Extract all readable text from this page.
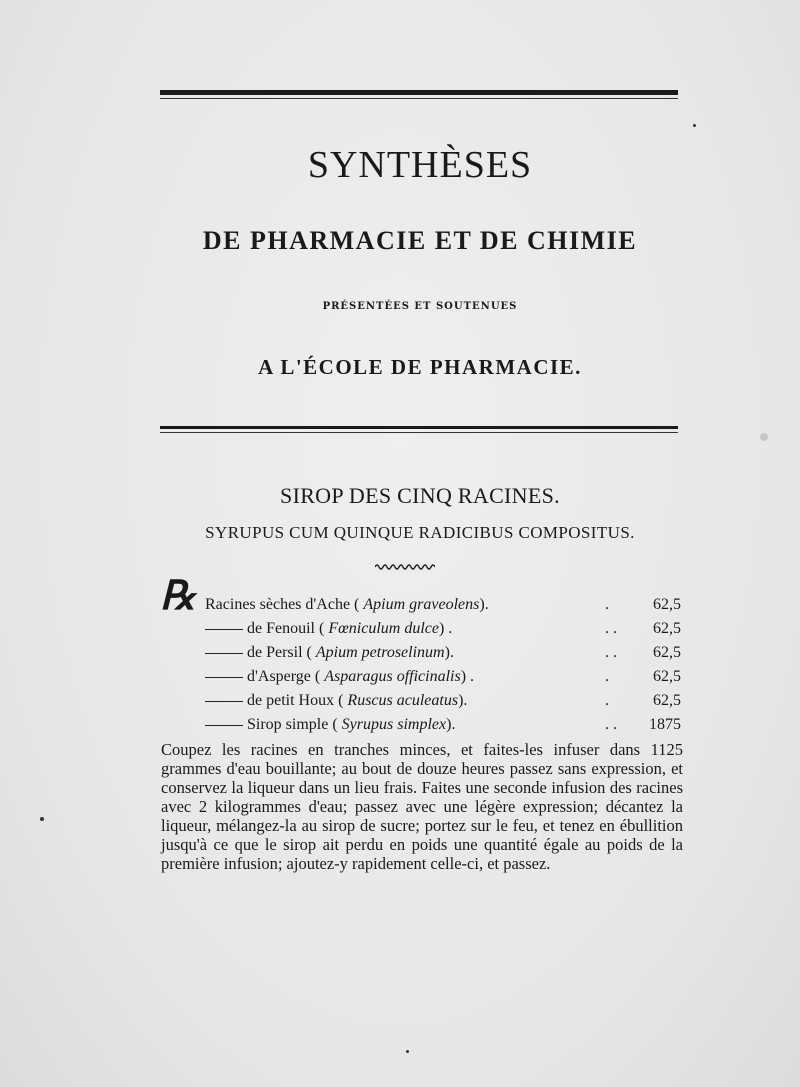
SYNTHÈSES
DE PHARMACIE ET DE CHIMIE
PRÉSENTÉES ET SOUTENUES
A L'ÉCOLE DE PHARMACIE.
SIROP DES CINQ RACINES.
SYRUPUS CUM QUINQUE RADICIBUS COMPOSITUS.
℞ Racines sèches d'Ache ( Apium graveolens).	.	62,5
de Fenouil ( Fœniculum dulce) .	. . 62,5
de Persil ( Apium petroselinum).	. . 62,5
d'Asperge ( Asparagus officinalis) .	.	62,5
de petit Houx ( Ruscus aculeatus).	.	62,5
Sirop simple ( Syrupus simplex).	. . 1875
Coupez les racines en tranches minces, et faites-les infuser dans 1125 grammes d'eau bouillante; au bout de douze heures passez sans expression, et conservez la liqueur dans un lieu frais. Faites une seconde infusion des racines avec 2 kilogrammes d'eau; passez avec une légère expression; décantez la liqueur, mélangez-la au sirop de sucre; portez sur le feu, et tenez en ébullition jusqu'à ce que le sirop ait perdu en poids une quantité égale au poids de la première infusion; ajoutez-y rapidement celle-ci, et passez.
